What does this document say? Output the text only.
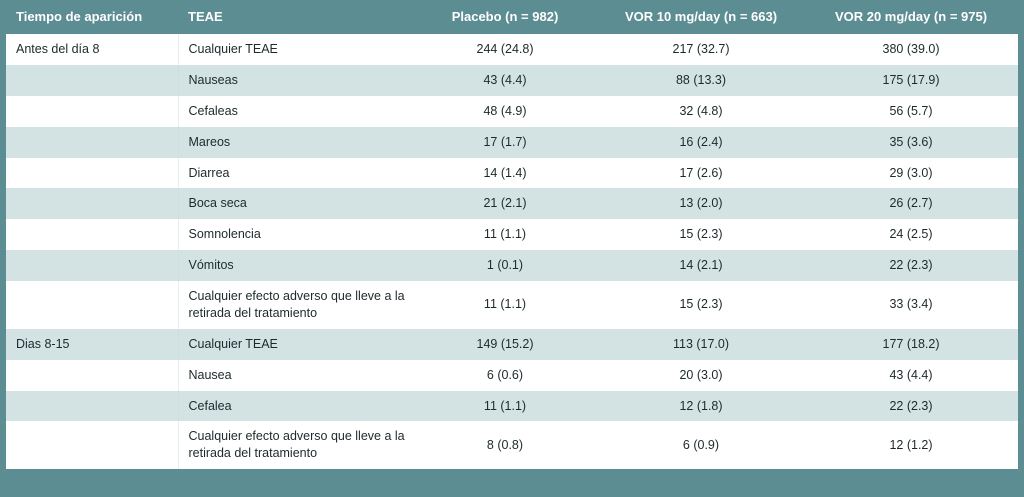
Tiempo de aparición	TEAE	Placebo (n = 982)	VOR 10 mg/day (n = 663)	VOR 20 mg/day (n = 975)
Antes del día 8	Cualquier TEAE	244 (24.8)	217 (32.7)	380 (39.0)
	Nauseas	43 (4.4)	88 (13.3)	175 (17.9)
	Cefaleas	48 (4.9)	32 (4.8)	56 (5.7)
	Mareos	17 (1.7)	16 (2.4)	35 (3.6)
	Diarrea	14 (1.4)	17 (2.6)	29 (3.0)
	Boca seca	21 (2.1)	13 (2.0)	26 (2.7)
	Somnolencia	11 (1.1)	15 (2.3)	24 (2.5)
	Vómitos	1 (0.1)	14 (2.1)	22 (2.3)
	Cualquier efecto adverso que lleve a la retirada del tratamiento	11 (1.1)	15 (2.3)	33 (3.4)
Dias 8-15	Cualquier TEAE	149 (15.2)	113 (17.0)	177 (18.2)
	Nausea	6 (0.6)	20 (3.0)	43 (4.4)
	Cefalea	11 (1.1)	12 (1.8)	22 (2.3)
	Cualquier efecto adverso que lleve a la retirada del tratamiento	8 (0.8)	6 (0.9)	12 (1.2)
